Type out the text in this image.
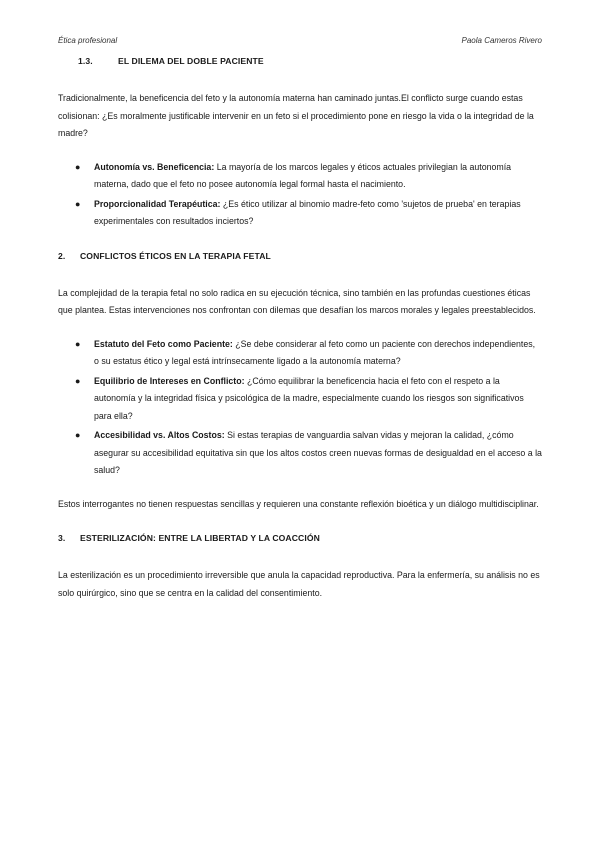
Ética profesional	Paola Cameros Rivero
1.3.	EL DILEMA DEL DOBLE PACIENTE

Tradicionalmente, la beneficencia del feto y la autonomía materna han caminado juntas.El conflicto surge cuando estas colisionan: ¿Es moralmente justificable intervenir en un feto si el procedimiento pone en riesgo la vida o la integridad de la madre?

● Autonomía vs. Beneficencia: La mayoría de los marcos legales y éticos actuales privilegian la autonomía materna, dado que el feto no posee autonomía legal formal hasta el nacimiento.
● Proporcionalidad Terapéutica: ¿Es ético utilizar al binomio madre-feto como 'sujetos de prueba' en terapias experimentales con resultados inciertos?
2. CONFLICTOS ÉTICOS EN LA TERAPIA FETAL

La complejidad de la terapia fetal no solo radica en su ejecución técnica, sino también en las profundas cuestiones éticas que plantea. Estas intervenciones nos confrontan con dilemas que desafían los marcos morales y legales preestablecidos.

● Estatuto del Feto como Paciente: ¿Se debe considerar al feto como un paciente con derechos independientes, o su estatus ético y legal está intrínsecamente ligado a la autonomía materna?
● Equilibrio de Intereses en Conflicto: ¿Cómo equilibrar la beneficencia hacia el feto con el respeto a la autonomía y la integridad física y psicológica de la madre, especialmente cuando los riesgos son significativos para ella?
● Accesibilidad vs. Altos Costos: Si estas terapias de vanguardia salvan vidas y mejoran la calidad, ¿cómo asegurar su accesibilidad equitativa sin que los altos costos creen nuevas formas de desigualdad en el acceso a la salud?

Estos interrogantes no tienen respuestas sencillas y requieren una constante reflexión bioética y un diálogo multidisciplinar.

3. ESTERILIZACIÓN: ENTRE LA LIBERTAD Y LA COACCIÓN

La esterilización es un procedimiento irreversible que anula la capacidad reproductiva. Para la enfermería, su análisis no es solo quirúrgico, sino que se centra en la calidad del consentimiento.
